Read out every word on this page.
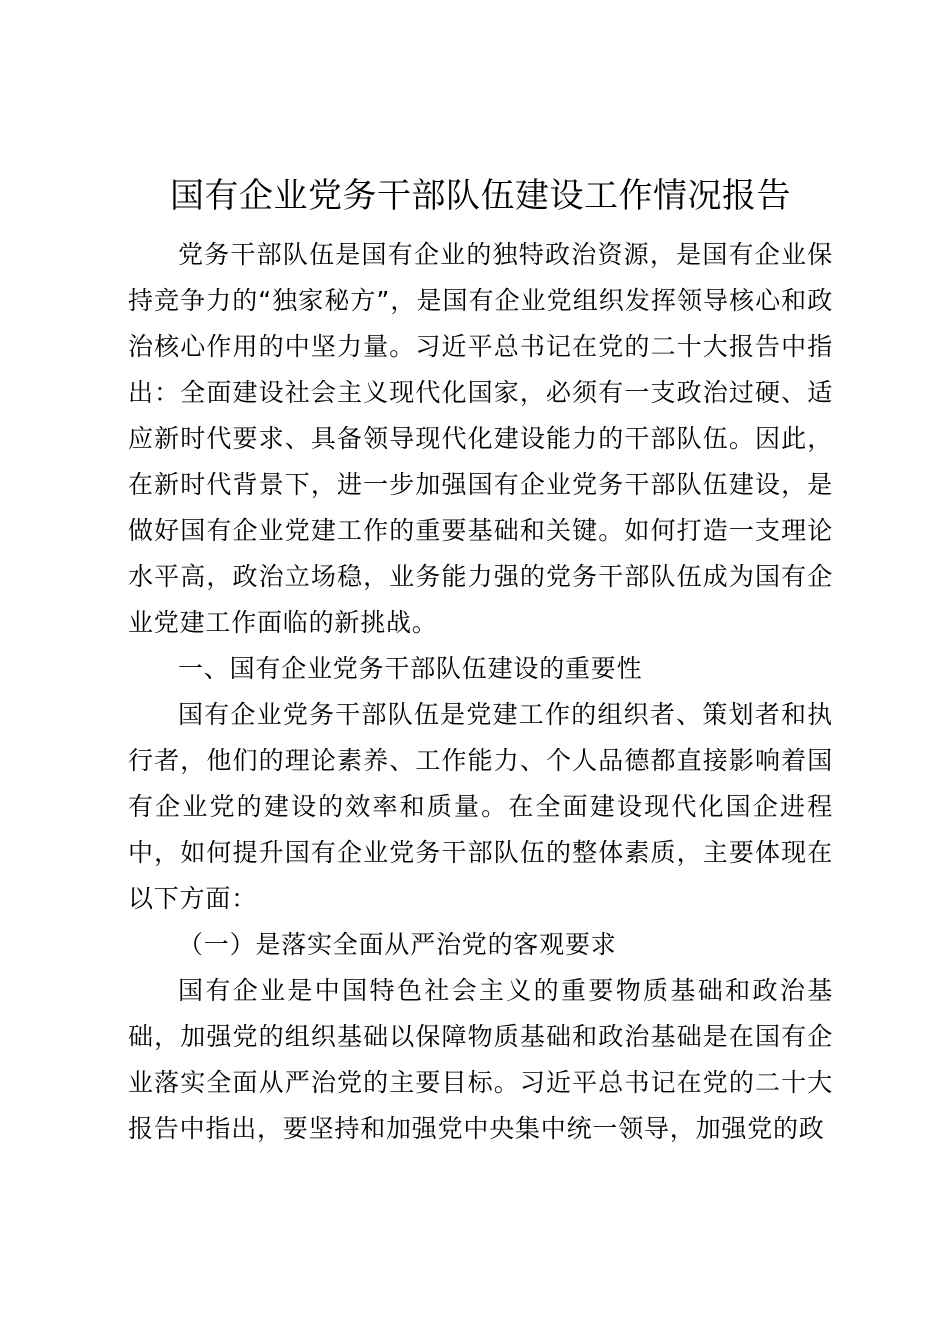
国有企业党务干部队伍建设工作情况报告

党务干部队伍是国有企业的独特政治资源，是国有企业保持竞争力的“独家秘方”，是国有企业党组织发挥领导核心和政治核心作用的中坚力量。习近平总书记在党的二十大报告中指出：全面建设社会主义现代化国家，必须有一支政治过硬、适应新时代要求、具备领导现代化建设能力的干部队伍。因此，在新时代背景下，进一步加强国有企业党务干部队伍建设，是做好国有企业党建工作的重要基础和关键。如何打造一支理论水平高，政治立场稳，业务能力强的党务干部队伍成为国有企业党建工作面临的新挑战。

一、国有企业党务干部队伍建设的重要性

国有企业党务干部队伍是党建工作的组织者、策划者和执行者，他们的理论素养、工作能力、个人品德都直接影响着国有企业党的建设的效率和质量。在全面建设现代化国企进程中，如何提升国有企业党务干部队伍的整体素质，主要体现在以下方面：

（一）是落实全面从严治党的客观要求

国有企业是中国特色社会主义的重要物质基础和政治基础，加强党的组织基础以保障物质基础和政治基础是在国有企业落实全面从严治党的主要目标。习近平总书记在党的二十大报告中指出，要坚持和加强党中央集中统一领导，加强党的政
